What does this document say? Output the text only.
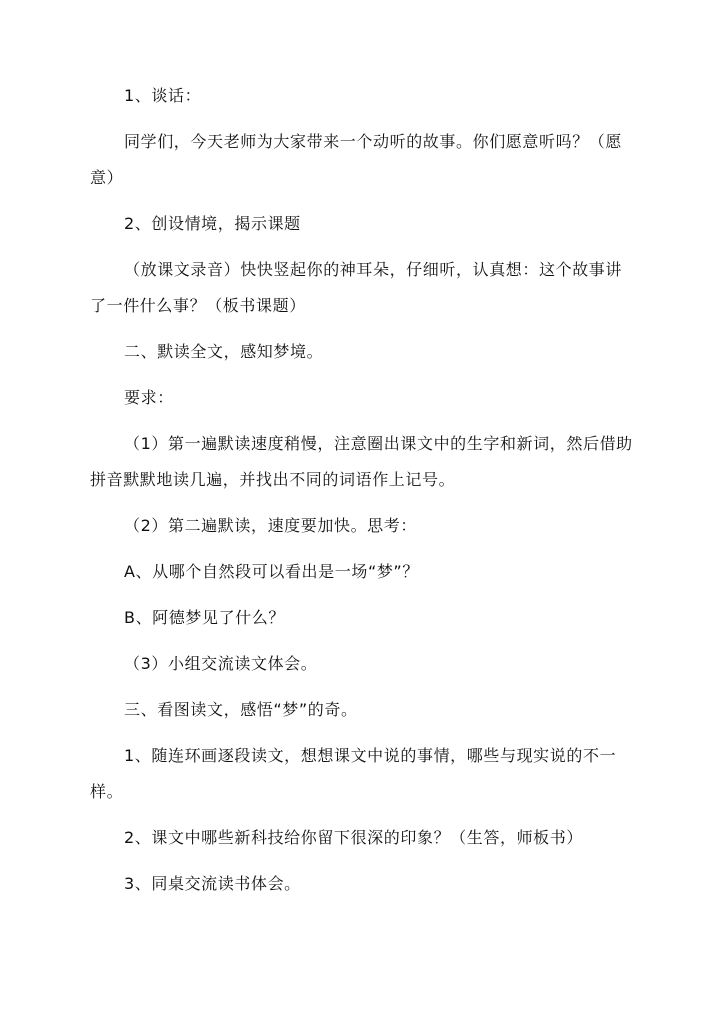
1、谈话：

同学们，今天老师为大家带来一个动听的故事。你们愿意听吗？（愿意）

2、创设情境，揭示课题

（放课文录音）快快竖起你的神耳朵，仔细听，认真想：这个故事讲了一件什么事？（板书课题）

二、默读全文，感知梦境。

要求：

（1）第一遍默读速度稍慢，注意圈出课文中的生字和新词，然后借助拼音默默地读几遍，并找出不同的词语作上记号。

（2）第二遍默读，速度要加快。思考：

A、从哪个自然段可以看出是一场“梦”？

B、阿德梦见了什么？

（3）小组交流读文体会。

三、看图读文，感悟“梦”的奇。

1、随连环画逐段读文，想想课文中说的事情，哪些与现实说的不一样。

2、课文中哪些新科技给你留下很深的印象？（生答，师板书）

3、同桌交流读书体会。
